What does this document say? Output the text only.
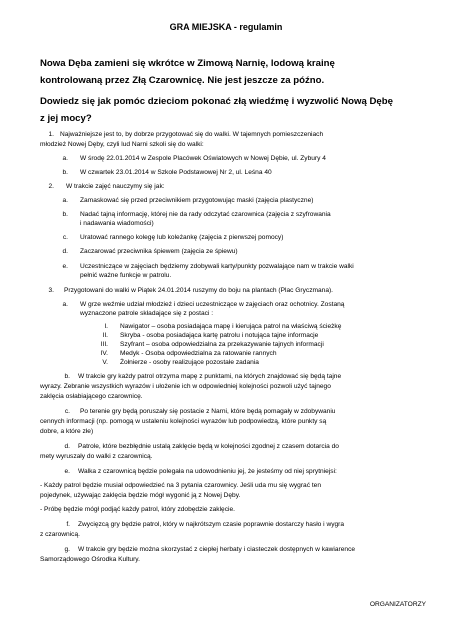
GRA MIEJSKA - regulamin
Nowa Dęba zamieni się wkrótce w Zimową Narnię, lodową krainę
kontrolowaną przez Złą Czarownicę. Nie jest jeszcze za późno.
Dowiedz się jak pomóc dzieciom pokonać złą wiedźmę i wyzwolić Nową Dębę
z jej mocy?
1. Najważniejsze jest to, by dobrze przygotować się do walki. W tajemnych pomieszczeniach
młodzież Nowej Dęby, czyli lud Narni szkoli się do walki:
a. W środę 22.01.2014 w Zespole Placówek Oświatowych w Nowej Dębie, ul. Zybury 4
b. W czwartek 23.01.2014 w Szkole Podstawowej Nr 2, ul. Leśna 40
2. W trakcie zajęć nauczymy się jak:
a. Zamaskować się przed przeciwnikiem przygotowując maski (zajęcia plastyczne)
b. Nadać tajną informację, której nie da rady odczytać czarownica (zajęcia z szyfrowania
i nadawania wiadomości)
c. Uratować rannego kolegę lub koleżankę (zajęcia z pierwszej pomocy)
d. Zaczarować przeciwnika śpiewem (zajęcia ze śpiewu)
e. Uczestniczące w zajęciach będziemy zdobywali karty/punkty pozwalające nam w trakcie walki
pełnić ważne funkcje w patrolu.
3. Przygotowani do walki w Piątek 24.01.2014 ruszymy do boju na plantach (Plac Gryczmana).
a. W grze weźmie udział młodzież i dzieci uczestniczące w zajęciach oraz ochotnicy. Zostaną
wyznaczone patrole składające się z postaci :
I. Nawigator – osoba posiadająca mapę i kierująca patrol na właściwą ścieżkę
II. Skryba - osoba posiadająca kartę patrolu i notująca tajne informacje
III. Szyfrant – osoba odpowiedzialna za przekazywanie tajnych informacji
IV. Medyk - Osoba odpowiedzialna za ratowanie rannych
V. Żołnierze - osoby realizujące pozostałe zadania
b. W trakcie gry każdy patrol otrzyma mapę z punktami, na których znajdować się będą tajne
wyrazy. Zebranie wszystkich wyrazów i ułożenie ich w odpowiedniej kolejności pozwoli użyć tajnego
zaklęcia osłabiającego czarownicę.
c. Po terenie gry będą poruszały się postacie z Narni, które będą pomagały w zdobywaniu
cennych informacji (np. pomogą w ustaleniu kolejności wyrazów lub podpowiedzą, które punkty są
dobre, a które złe)
d. Patrole, które bezbłędnie ustalą zaklęcie będą w kolejności zgodnej z czasem dotarcia do
mety wyruszały do walki z czarownicą.
e. Walka z czarownicą będzie polegała na udowodnieniu jej, że jesteśmy od niej sprytniejsi:
- Każdy patrol będzie musiał odpowiedzieć na 3 pytania czarownicy. Jeśli uda mu się wygrać ten
pojedynek, używając zaklęcia będzie mógł wygonić ją z Nowej Dęby.
- Próbę będzie mógł podjąć każdy patrol, który zdobędzie zaklęcie.
f. Zwycięzcą gry będzie patrol, który w najkrótszym czasie poprawnie dostarczy hasło i wygra
z czarownicą.
g. W trakcie gry będzie można skorzystać z ciepłej herbaty i ciasteczek dostępnych w kawiarence
Samorządowego Ośrodka Kultury.
ORGANIZATORZY
